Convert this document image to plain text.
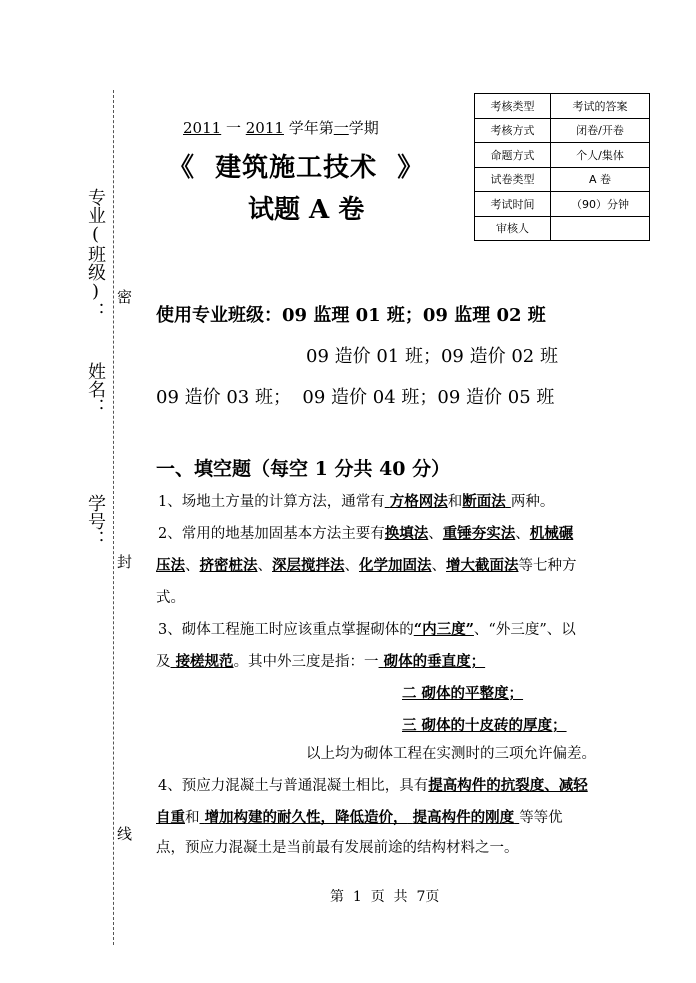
专业(班级)：
姓名：
学号：
密
封
线
考核类型	考试的答案
考核方式	闭卷/开卷
命题方式	个人/集体
试卷类型	A 卷
考试时间	（90）分钟
审核人	
2011 一 2011 学年第一学期
《 建筑施工技术 》
试题 A 卷
使用专业班级：09 监理 01 班；09 监理 02 班
09 造价 01 班；09 造价 02 班
09 造价 03 班；  09 造价 04 班；09 造价 05 班
一、填空题（每空 1 分共 40 分）
1、场地土方量的计算方法，通常有 方格网法和断面法 两种。
2、常用的地基加固基本方法主要有换填法、重锤夯实法、机械碾
压法、挤密桩法、深层搅拌法、化学加固法、增大截面法等七种方
式。
3、砌体工程施工时应该重点掌握砌体的“内三度”、“外三度”、以
及 接槎规范。其中外三度是指：一 砌体的垂直度；
二 砌体的平整度；
三 砌体的十皮砖的厚度；
以上均为砌体工程在实测时的三项允许偏差。
4、预应力混凝土与普通混凝土相比，具有提高构件的抗裂度、减轻
自重和 增加构建的耐久性，降低造价， 提高构件的刚度 等等优
点，预应力混凝土是当前最有发展前途的结构材料之一。
第  1  页  共  7页
